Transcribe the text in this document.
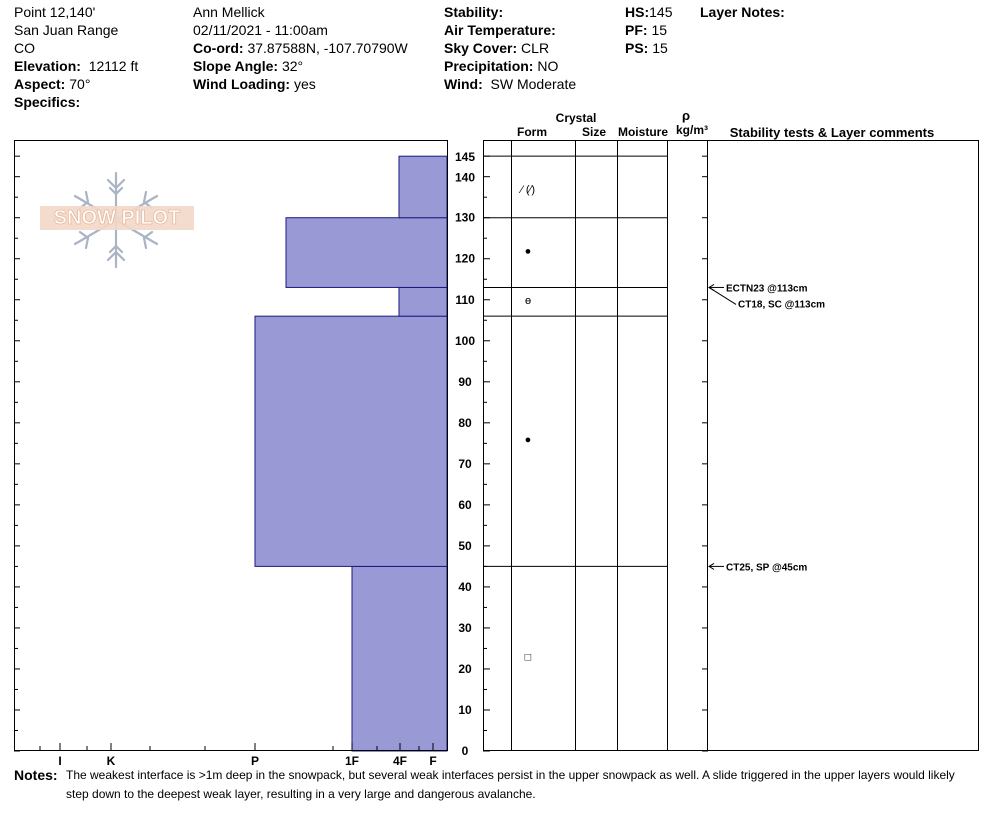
Point 12,140'
San Juan Range
CO
Elevation: 12112 ft
Aspect: 70°
Specifics:
Ann Mellick
02/11/2021 - 11:00am
Co-ord: 37.87588N, -107.70790W
Slope Angle: 32°
Wind Loading: yes
Stability:
Air Temperature:
Sky Cover: CLR
Precipitation: NO
Wind: SW Moderate
HS:145
PF: 15
PS: 15
Layer Notes:
I	K	P	1F	4F F
0
10
20
30
40
50
60
70
80
90
100
110
120
130
140
145
⁄ (⁄)
●
ɵ
●
□
ECTN23 @113cm
CT18, SC @113cm
CT25, SP @45cm
Crystal
Form	Size Moisture
ρ
kg/m³ Stability tests & Layer comments
SNOW PILOT
Notes: The weakest interface is >1m deep in the snowpack, but several weak interfaces persist in the upper snowpack as well. A slide triggered in the upper layers would likely step down to the deepest weak layer, resulting in a very large and dangerous avalanche.
